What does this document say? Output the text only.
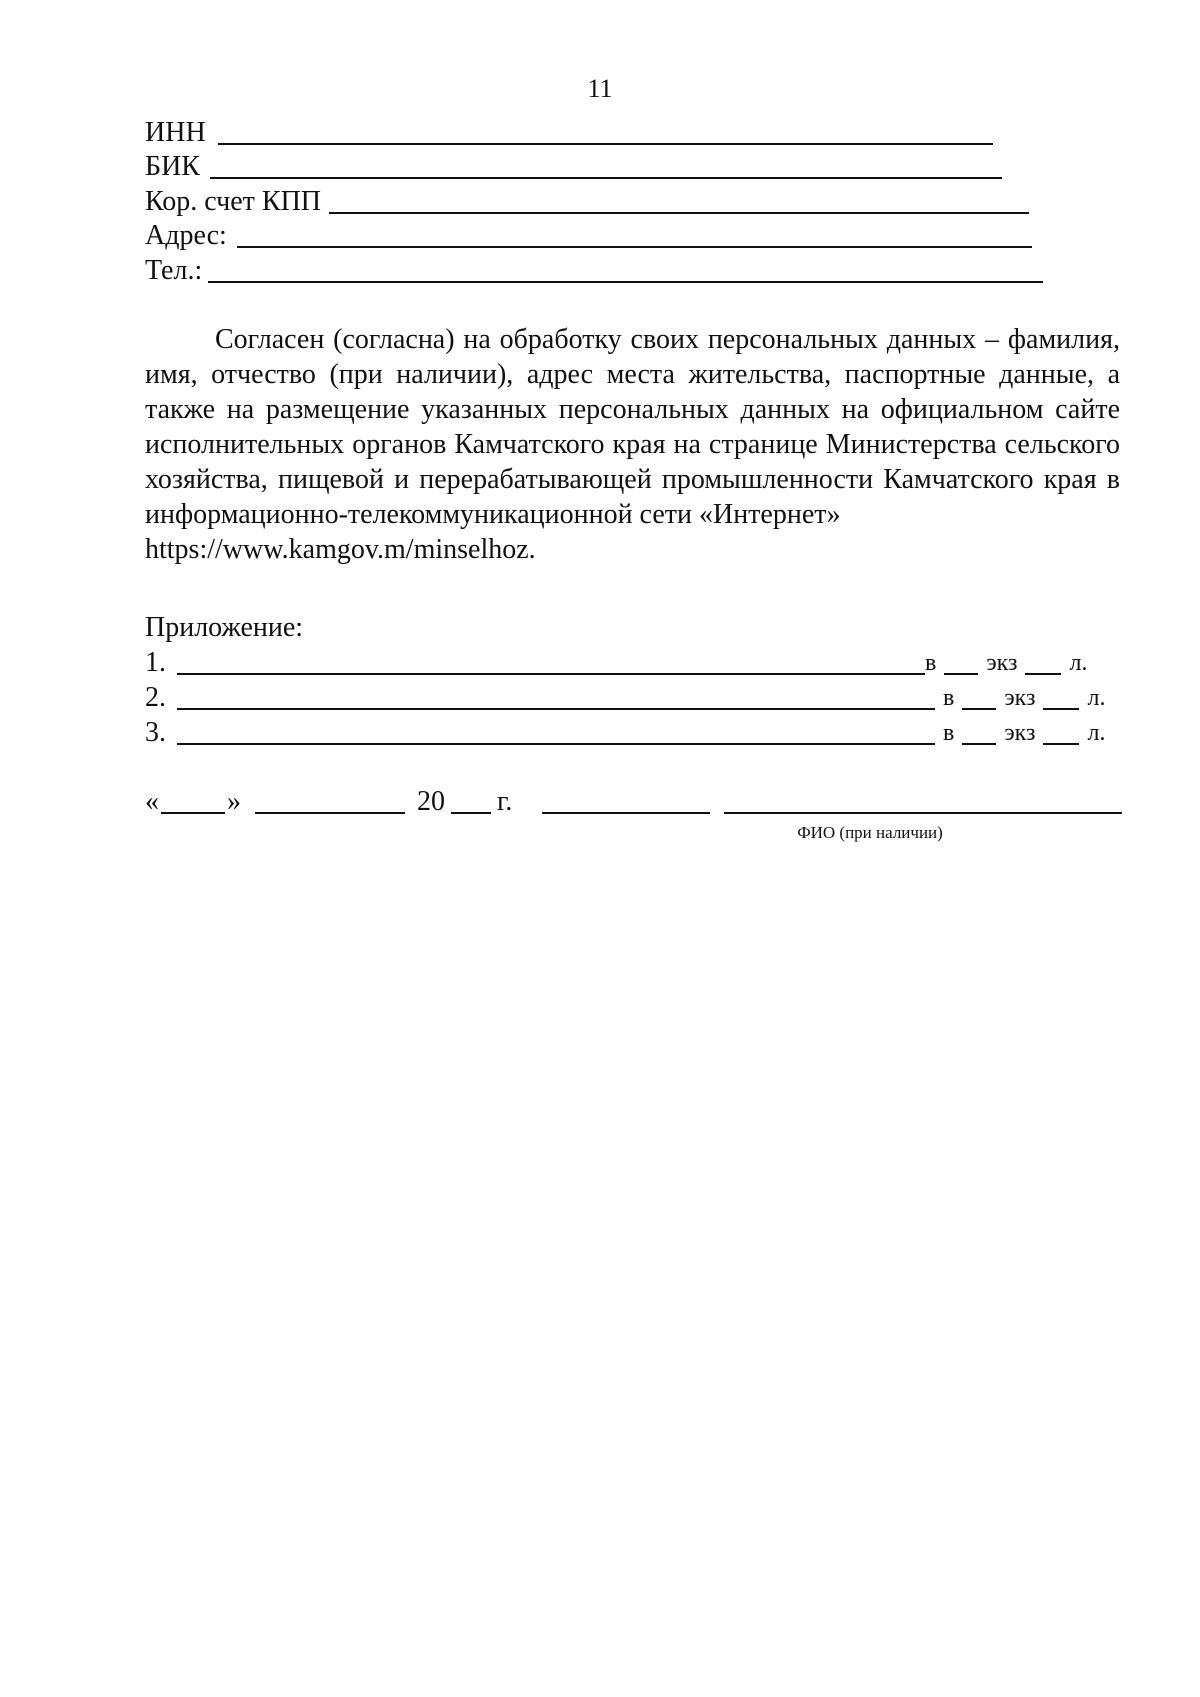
11
ИНН
БИК
Кор. счет КПП
Адрес:
Тел.:

Согласен (согласна) на обработку своих персональных данных – фамилия, имя, отчество (при наличии), адрес места жительства, паспортные данные, а также на размещение указанных персональных данных на официальном сайте исполнительных органов Камчатского края на странице Министерства сельского хозяйства, пищевой и перерабатывающей промышленности Камчатского края в информационно-телекоммуникационной сети «Интернет»
https://www.kamgov.m/minselhoz.

Приложение:
1.	в экз л.
2.	в экз л.
3.	в экз л.
« »	20 г.
ФИО (при наличии)
